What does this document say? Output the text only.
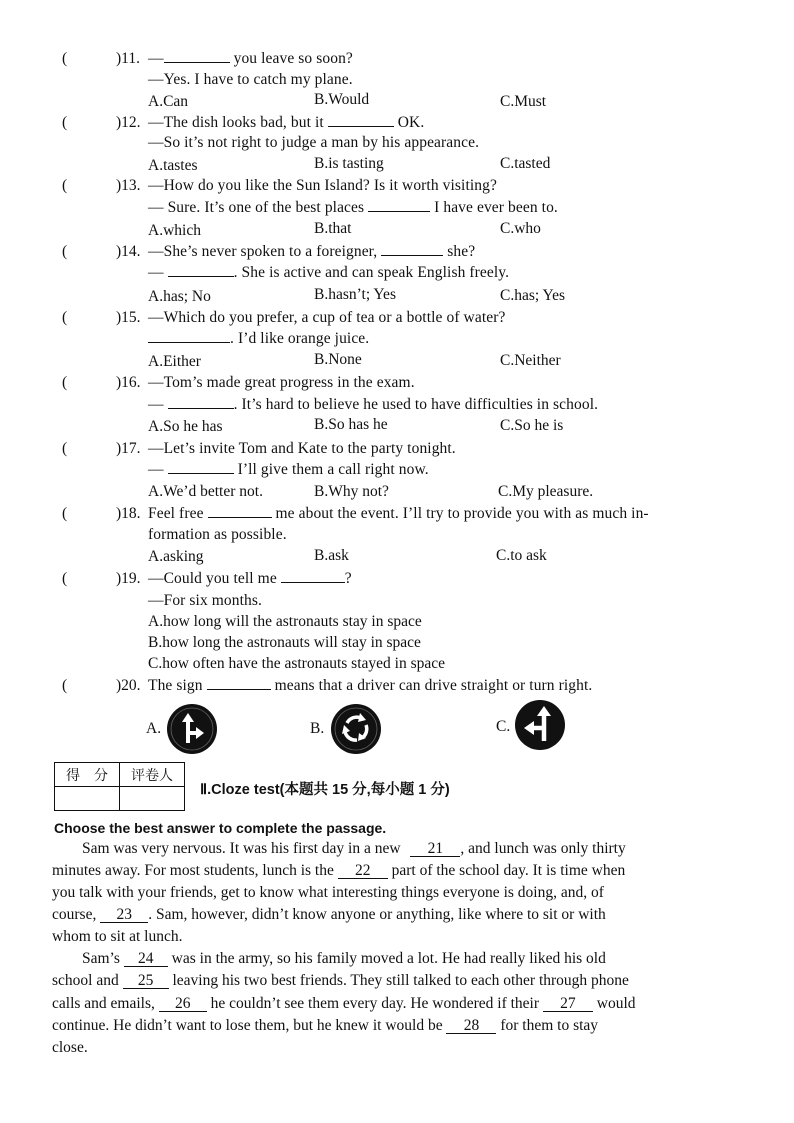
(	)11. —	you leave so soon?
—Yes. I have to catch my plane.
A.Can	B.Would	C.Must
(	)12. —The dish looks bad, but it	OK.
—So it’s not right to judge a man by his appearance.
A.tastes	B.is tasting	C.tasted
(	)13. —How do you like the Sun Island? Is it worth visiting?
— Sure. It’s one of the best places	I have ever been to.
A.which	B.that	C.who
(	)14. —She’s never spoken to a foreigner,	she?
—	. She is active and can speak English freely.
A.has; No	B.hasn’t; Yes	C.has; Yes
(	)15. —Which do you prefer, a cup of tea or a bottle of water?
. I’d like orange juice.
A.Either	B.None	C.Neither
(	)16. —Tom’s made great progress in the exam.
—	. It’s hard to believe he used to have difficulties in school.
A.So he has	B.So has he	C.So he is
(	)17. —Let’s invite Tom and Kate to the party tonight.
—	I’ll give them a call right now.
A.We’d better not.	B.Why not?	C.My pleasure.
(	)18. Feel free	me about the event. I’ll try to provide you with as much in-
formation as possible.
A.asking	B.ask	C.to ask
(	)19. —Could you tell me	?
—For six months.
A.how long will the astronauts stay in space
B.how long the astronauts will stay in space
C.how often have the astronauts stayed in space
(	)20. The sign	means that a driver can drive straight or turn right.
A.	B.	C.
得　分	评卷人

Ⅱ.Cloze test(本题共 15 分,每小题 1 分)
Choose the best answer to complete the passage.
Sam was very nervous. It was his first day in a new 21 , and lunch was only thirty
minutes away. For most students, lunch is the 22 part of the school day. It is time when
you talk with your friends, get to know what interesting things everyone is doing, and, of
course, 23 . Sam, however, didn’t know anyone or anything, like where to sit or with
whom to sit at lunch.
Sam’s 24 was in the army, so his family moved a lot. He had really liked his old
school and 25 leaving his two best friends. They still talked to each other through phone
calls and emails, 26 he couldn’t see them every day. He wondered if their 27 would
continue. He didn’t want to lose them, but he knew it would be 28 for them to stay
close.
